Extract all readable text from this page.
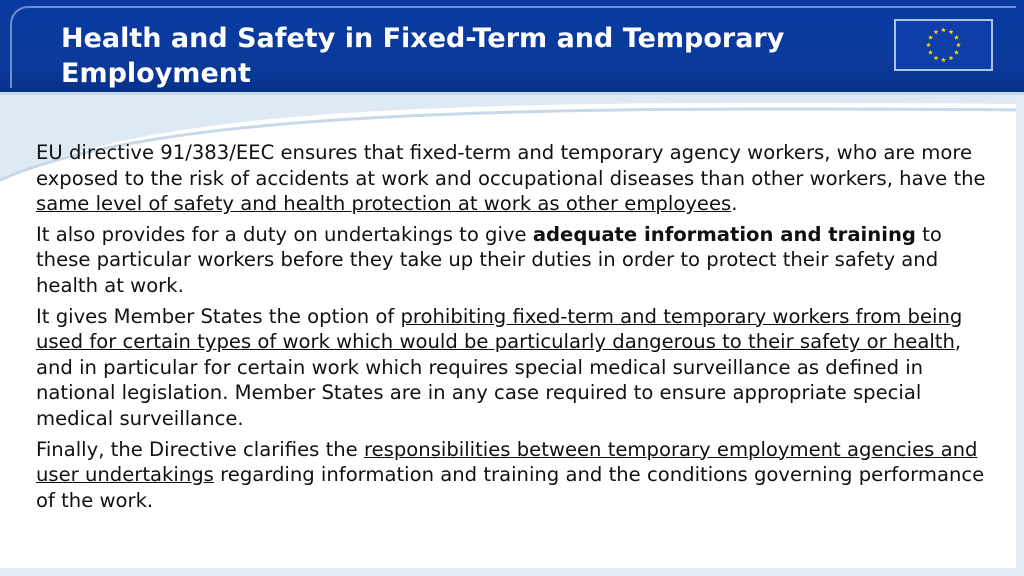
Health and Safety in Fixed-Term and Temporary Employment

EU directive 91/383/EEC ensures that fixed-term and temporary agency workers, who are more exposed to the risk of accidents at work and occupational diseases than other workers, have the same level of safety and health protection at work as other employees.

It also provides for a duty on undertakings to give adequate information and training to these particular workers before they take up their duties in order to protect their safety and health at work.

It gives Member States the option of prohibiting fixed-term and temporary workers from being used for certain types of work which would be particularly dangerous to their safety or health, and in particular for certain work which requires special medical surveillance as defined in national legislation. Member States are in any case required to ensure appropriate special medical surveillance.

Finally, the Directive clarifies the responsibilities between temporary employment agencies and user undertakings regarding information and training and the conditions governing performance of the work.
